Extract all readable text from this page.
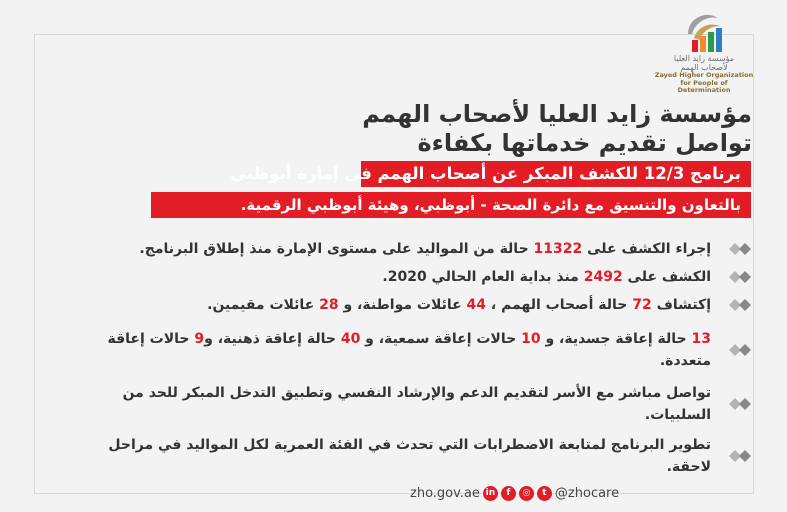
مؤسسة زايد العليا
لأصحاب الهمم
Zayed Higher Organization
for People of Determination
مؤسسة زايد العليا لأصحاب الهمم
تواصل تقديم خدماتها بكفاءة
برنامج 12/3 للكشف المبكر عن أصحاب الهمم في إمارة أبوظبي
بالتعاون والتنسيق مع دائرة الصحة - أبوظبي، وهيئة أبوظبي الرقمية.
إجراء الكشف على 11322 حالة من المواليد على مستوى الإمارة منذ إطلاق البرنامج.
الكشف على 2492 منذ بداية العام الحالي 2020.
إكتشاف 72 حالة أصحاب الهمم ، 44 عائلات مواطنة، و 28 عائلات مقيمين.
13 حالة إعاقة جسدية، و 10 حالات إعاقة سمعية، و 40 حالة إعاقة ذهنية، و9 حالات إعاقة متعددة.
تواصل مباشر مع الأسر لتقديم الدعم والإرشاد النفسي وتطبيق التدخل المبكر للحد من السلبيات.
تطوير البرنامج لمتابعة الاضطرابات التي تحدث في الفئة العمرية لكل المواليد في مراحل لاحقة.
zho.gov.ae in	f	◎	t @zhocare
